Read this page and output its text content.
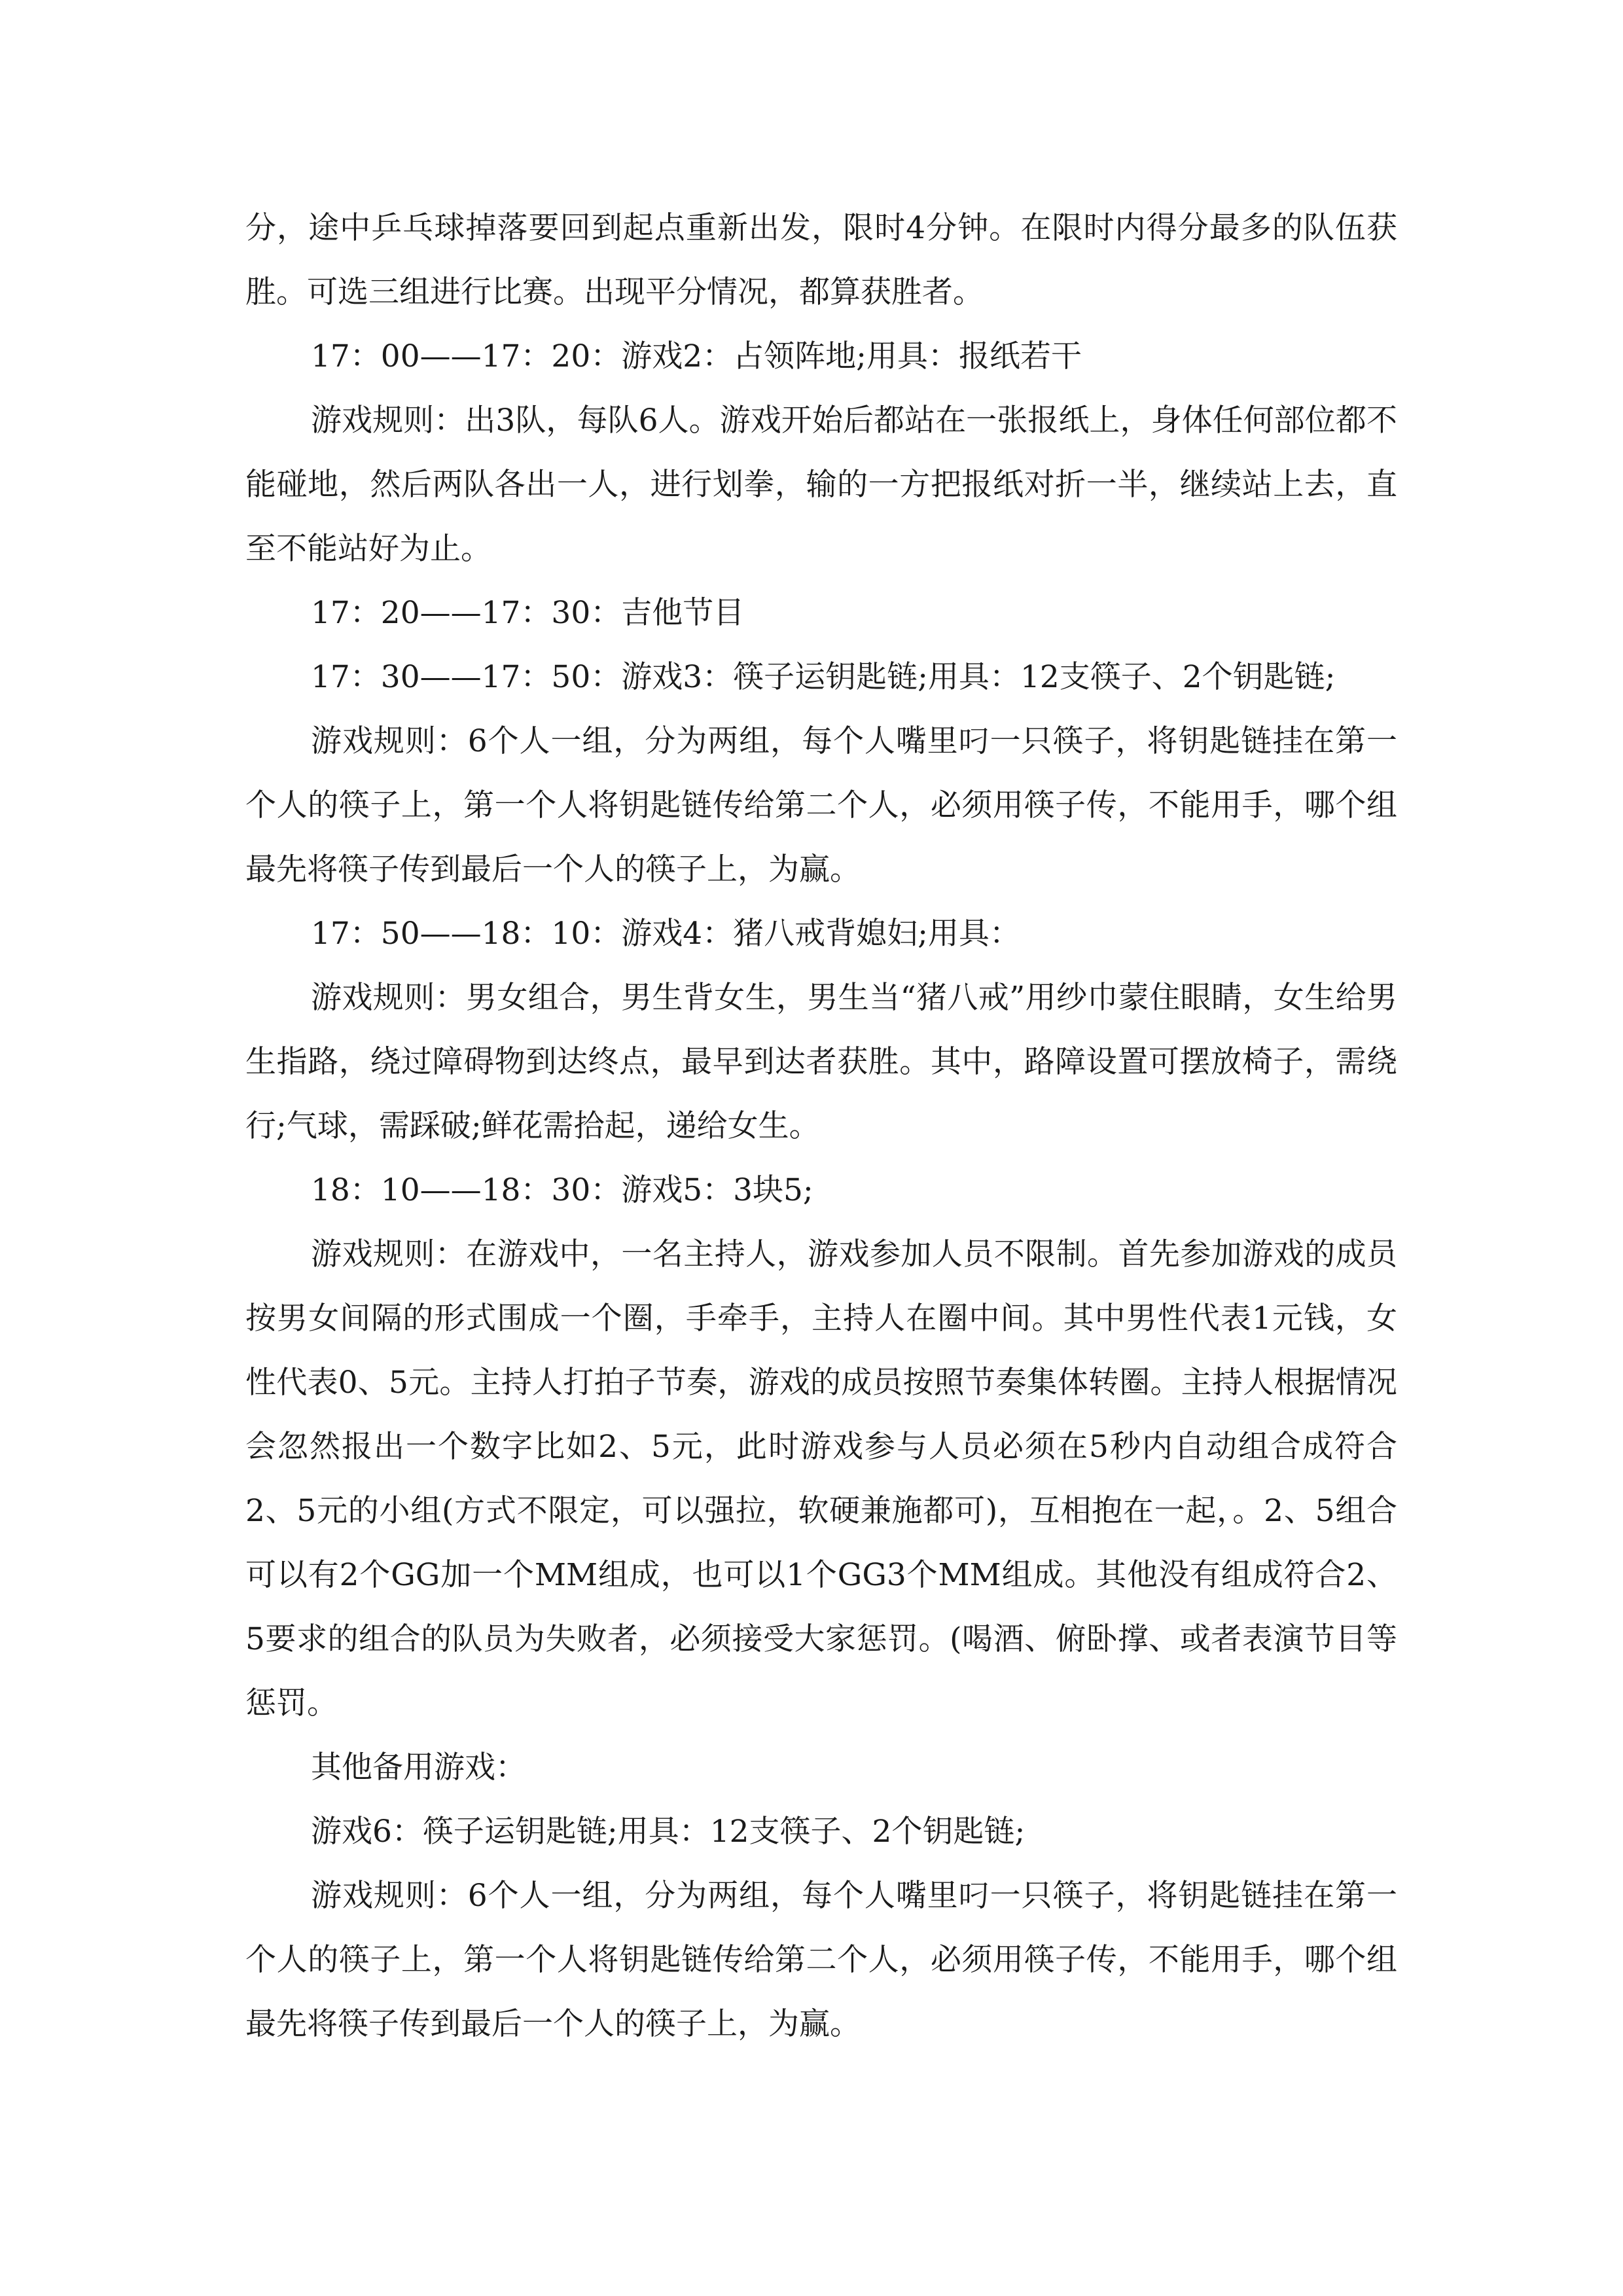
分，途中乒乓球掉落要回到起点重新出发，限时4分钟。在限时内得分最多的队伍获胜。可选三组进行比赛。出现平分情况，都算获胜者。

17：00——17：20：游戏2：占领阵地;用具：报纸若干

游戏规则：出3队，每队6人。游戏开始后都站在一张报纸上，身体任何部位都不能碰地，然后两队各出一人，进行划拳，输的一方把报纸对折一半，继续站上去，直至不能站好为止。

17：20——17：30：吉他节目

17：30——17：50：游戏3：筷子运钥匙链;用具：12支筷子、2个钥匙链;

游戏规则：6个人一组，分为两组，每个人嘴里叼一只筷子，将钥匙链挂在第一个人的筷子上，第一个人将钥匙链传给第二个人，必须用筷子传，不能用手，哪个组最先将筷子传到最后一个人的筷子上，为赢。

17：50——18：10：游戏4：猪八戒背媳妇;用具：

游戏规则：男女组合，男生背女生，男生当“猪八戒”用纱巾蒙住眼睛，女生给男生指路，绕过障碍物到达终点，最早到达者获胜。其中，路障设置可摆放椅子，需绕行;气球，需踩破;鲜花需拾起，递给女生。

18：10——18：30：游戏5：3块5;

游戏规则：在游戏中，一名主持人，游戏参加人员不限制。首先参加游戏的成员按男女间隔的形式围成一个圈，手牵手，主持人在圈中间。其中男性代表1元钱，女性代表0、5元。主持人打拍子节奏，游戏的成员按照节奏集体转圈。主持人根据情况会忽然报出一个数字比如2、5元，此时游戏参与人员必须在5秒内自动组合成符合2、5元的小组(方式不限定，可以强拉，软硬兼施都可)，互相抱在一起，。2、5组合可以有2个GG加一个MM组成，也可以1个GG3个MM组成。其他没有组成符合2、5要求的组合的队员为失败者，必须接受大家惩罚。(喝酒、俯卧撑、或者表演节目等惩罚。

其他备用游戏：

游戏6：筷子运钥匙链;用具：12支筷子、2个钥匙链;

游戏规则：6个人一组，分为两组，每个人嘴里叼一只筷子，将钥匙链挂在第一个人的筷子上，第一个人将钥匙链传给第二个人，必须用筷子传，不能用手，哪个组最先将筷子传到最后一个人的筷子上，为赢。
